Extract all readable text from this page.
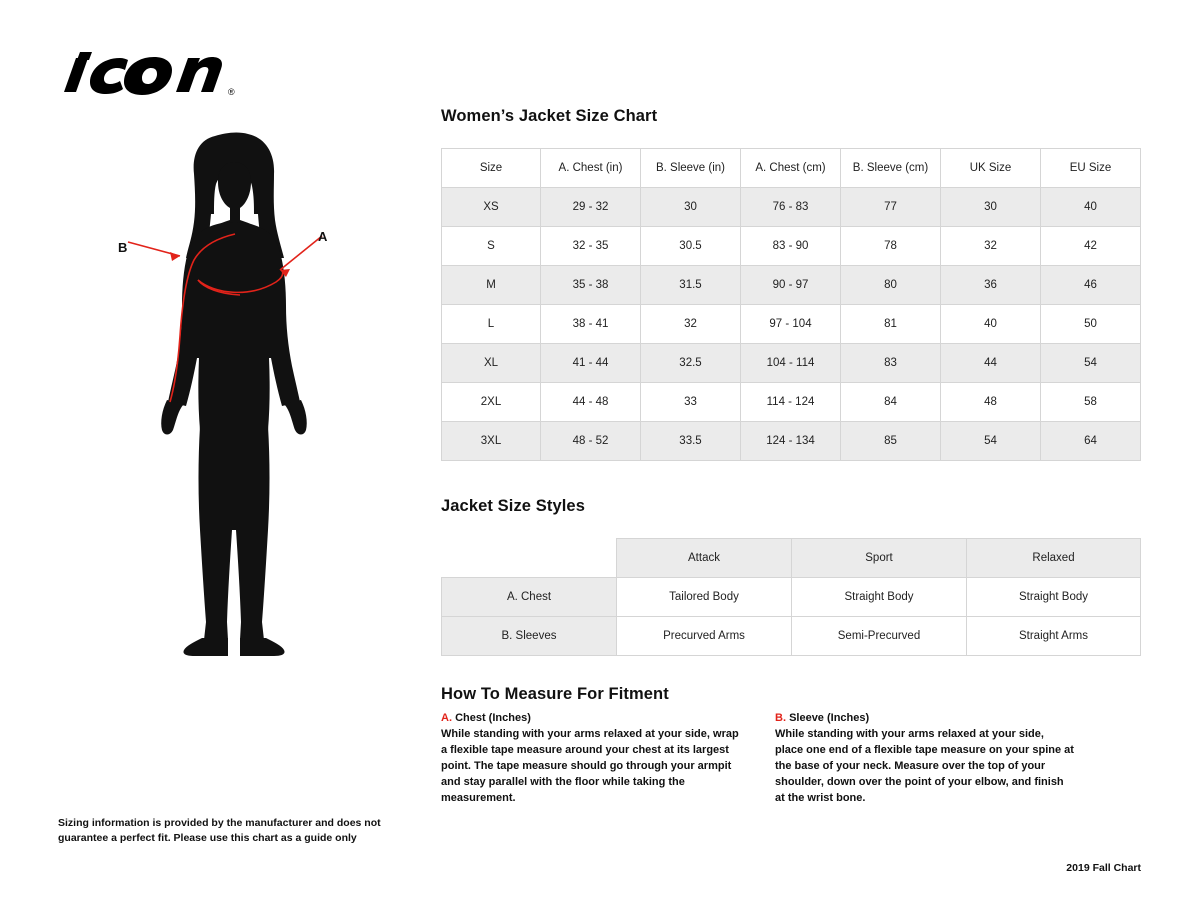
®
A
B
Sizing information is provided by the manufacturer and does not guarantee a perfect fit. Please use this chart as a guide only
Women’s Jacket Size Chart
Size	A. Chest (in)	B. Sleeve (in)	A. Chest (cm)	B. Sleeve (cm)	UK Size	EU Size
XS	29 - 32	30	76 - 83	77	30	40
S	32 - 35	30.5	83 - 90	78	32	42
M	35 - 38	31.5	90 - 97	80	36	46
L	38 - 41	32	97 - 104	81	40	50
XL	41 - 44	32.5	104 - 114	83	44	54
2XL	44 - 48	33	114 - 124	84	48	58
3XL	48 - 52	33.5	124 - 134	85	54	64
Jacket Size Styles
	Attack	Sport	Relaxed
A. Chest	Tailored Body	Straight Body	Straight Body
B. Sleeves	Precurved Arms	Semi-Precurved	Straight Arms
How To Measure For Fitment
A. Chest (Inches)
While standing with your arms relaxed at your side, wrap a flexible tape measure around your chest at its largest point. The tape measure should go through your armpit and stay parallel with the floor while taking the measurement.
B. Sleeve (Inches)
While standing with your arms relaxed at your side, place one end of a flexible tape measure on your spine at the base of your neck. Measure over the top of your shoulder, down over the point of your elbow, and finish at the wrist bone.
2019 Fall Chart
